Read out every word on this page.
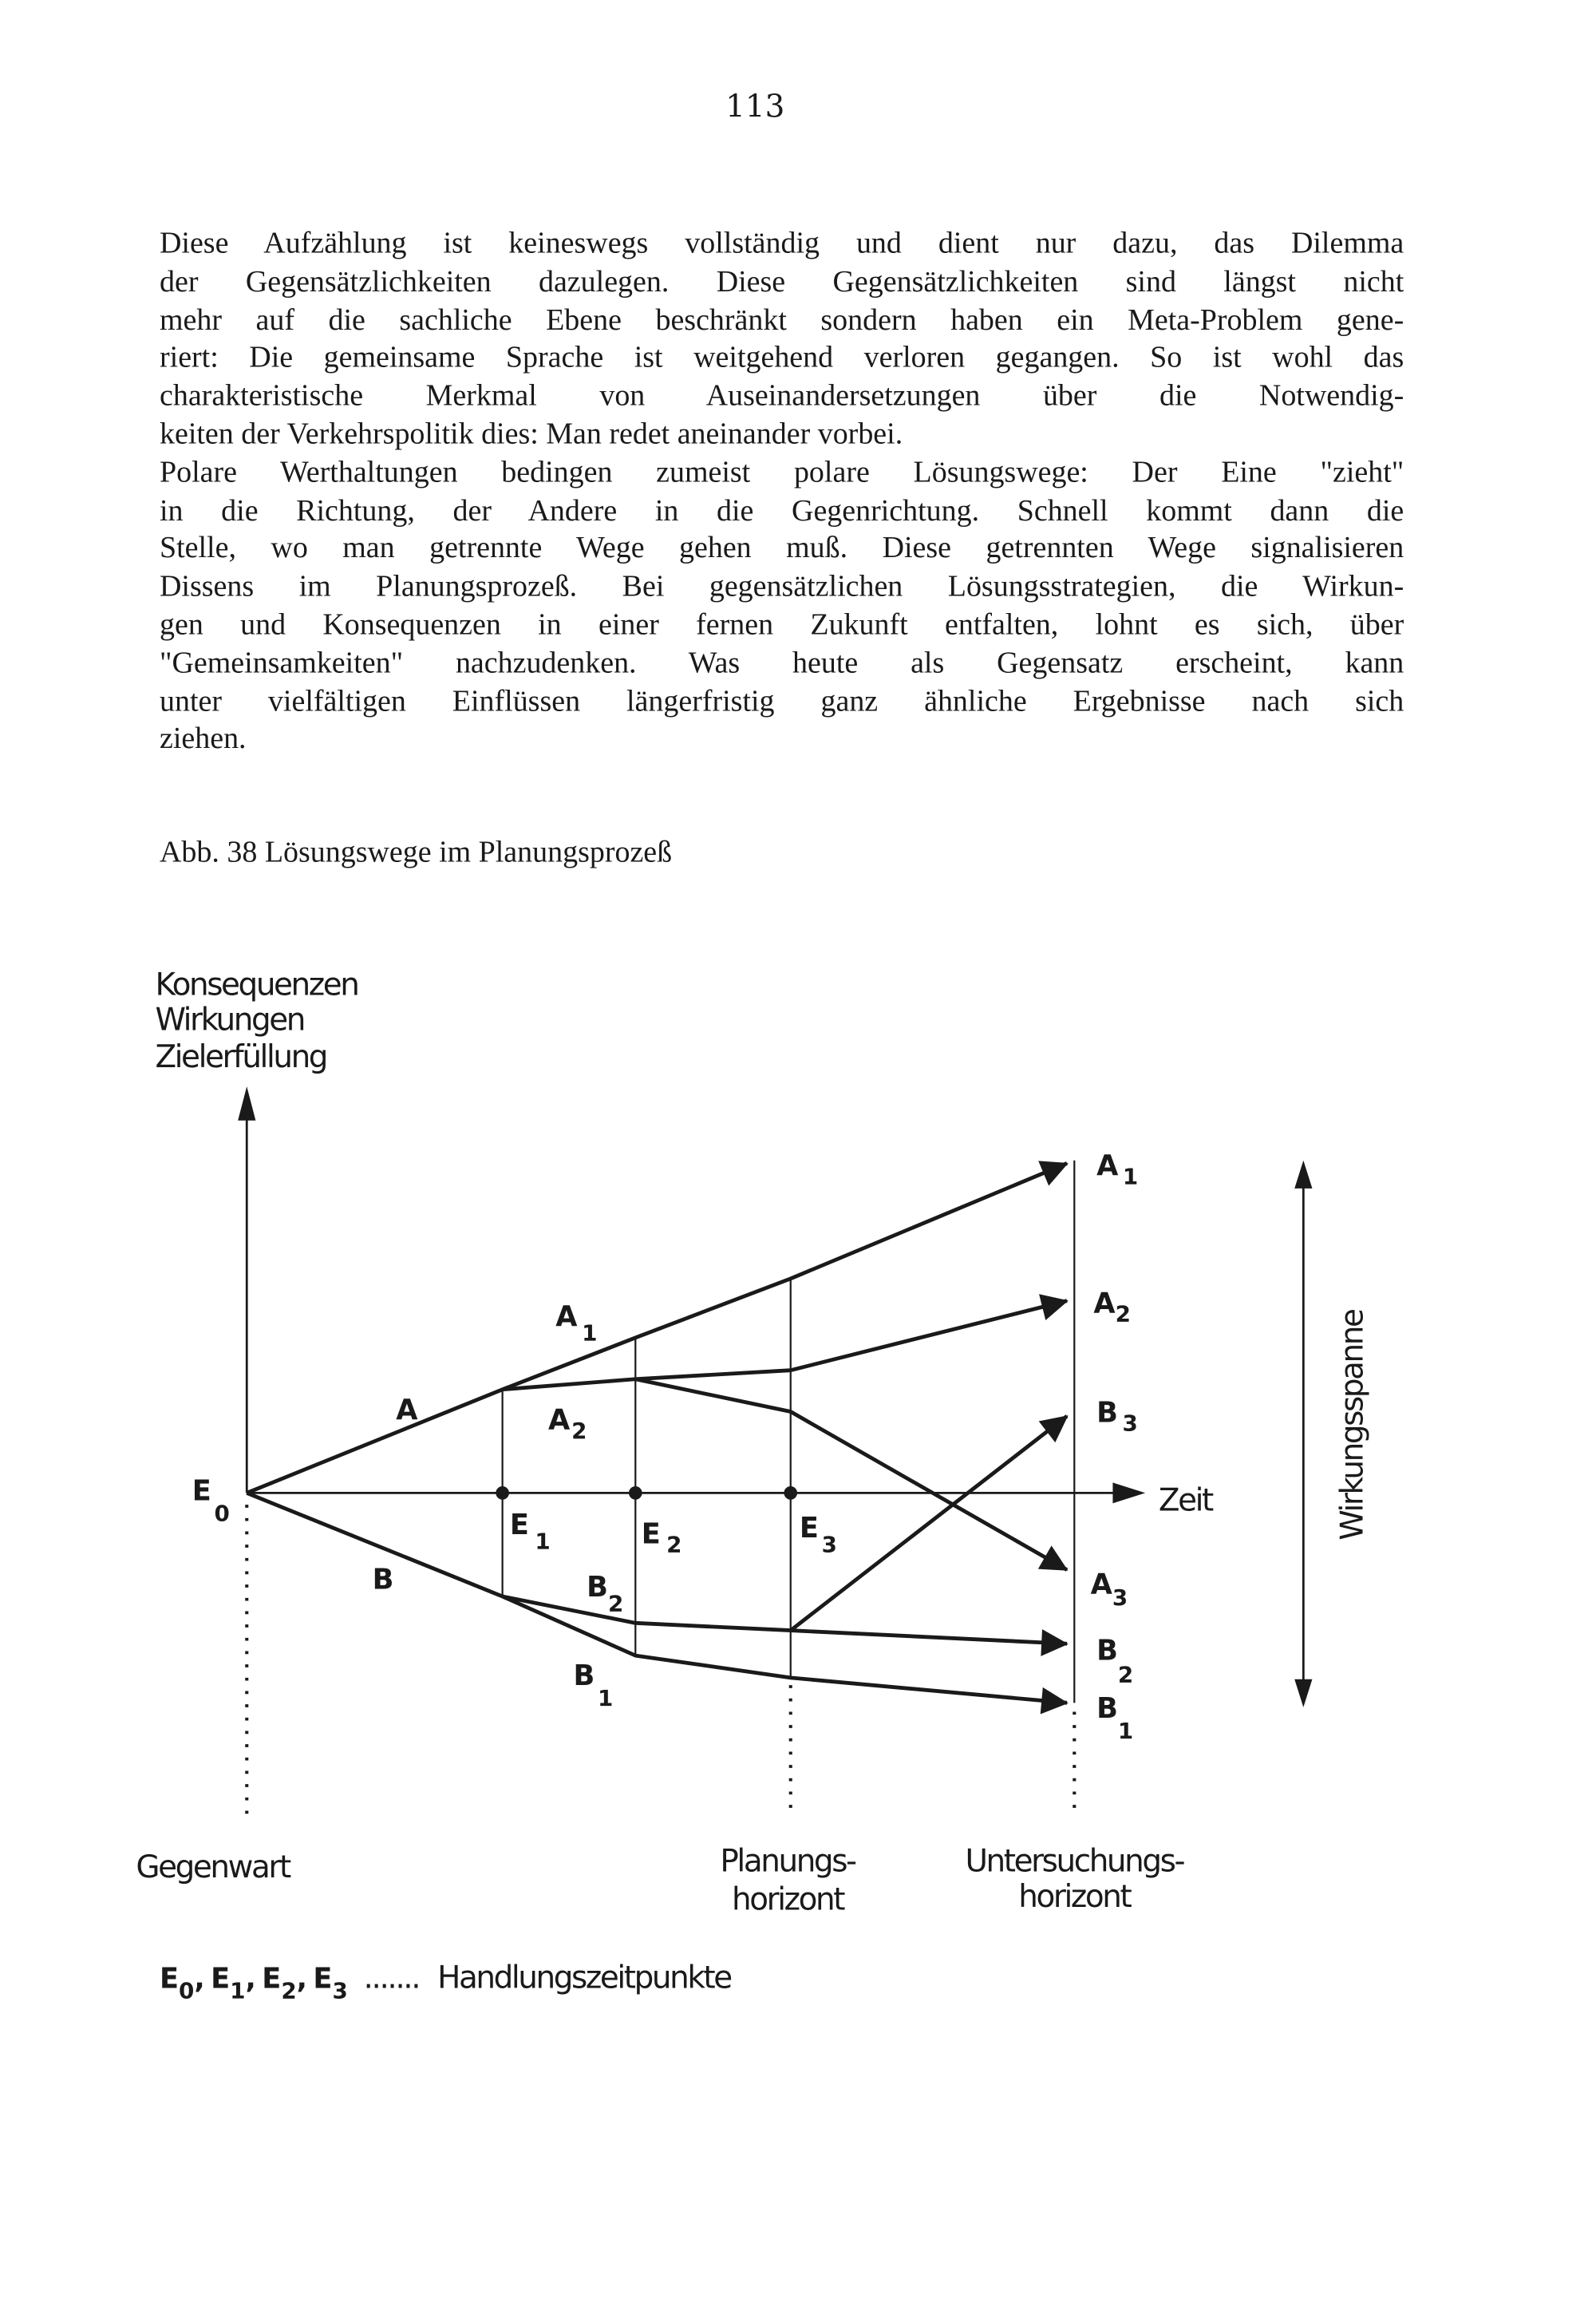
113
Diese Aufzählung ist keineswegs vollständig und dient nur dazu, das Dilemma
der Gegensätzlichkeiten dazulegen. Diese Gegensätzlichkeiten sind längst nicht
mehr auf die sachliche Ebene beschränkt sondern haben ein Meta-Problem gene-
riert: Die gemeinsame Sprache ist weitgehend verloren gegangen. So ist wohl das
charakteristische Merkmal von Auseinandersetzungen über die Notwendig-
keiten der Verkehrspolitik dies: Man redet aneinander vorbei.
Polare Werthaltungen bedingen zumeist polare Lösungswege: Der Eine "zieht"
in die Richtung, der Andere in die Gegenrichtung. Schnell kommt dann die
Stelle, wo man getrennte Wege gehen muß. Diese getrennten Wege signalisieren
Dissens im Planungsprozeß. Bei gegensätzlichen Lösungsstrategien, die Wirkun-
gen und Konsequenzen in einer fernen Zukunft entfalten, lohnt es sich, über
"Gemeinsamkeiten" nachzudenken. Was heute als Gegensatz erscheint, kann
unter vielfältigen Einflüssen längerfristig ganz ähnliche Ergebnisse nach sich
ziehen.
Abb. 38 Lösungswege im Planungsprozeß
Konsequenzen
Wirkungen
Zielerfüllung
Zeit	Wirkungsspanne
A
B
$A_1$
A $_2$
$B_2$
$B_1$
$E_0$	$E_1$	E $_2$
$E_3$
A $_1$
$A_2$
B $_3$
$A_3$
$B_2$
$B_1$
Gegenwart	Planungs-
horizont
Untersuchungs-
horizont
$E_0$, $E_1$, $E_2$, $E_3$ ....... Handlungszeitpunkte
